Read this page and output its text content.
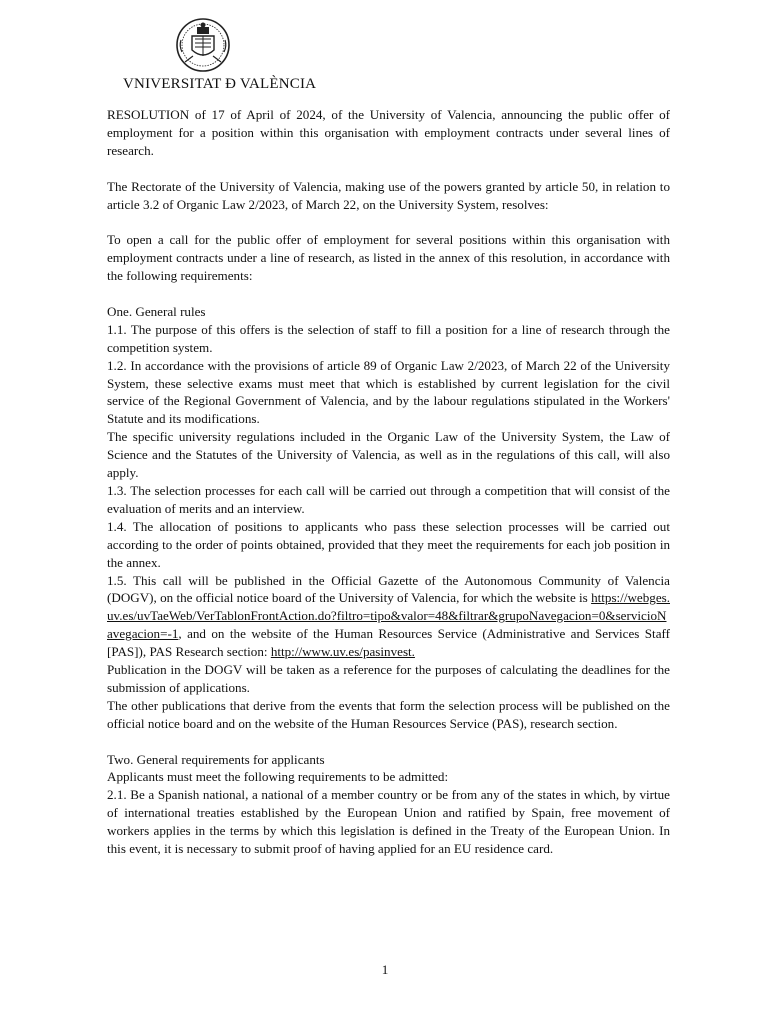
VNIVERSITAT Ð VALÈNCIA

RESOLUTION of 17 of April of 2024, of the University of Valencia, announcing the public offer of employment for a position within this organisation with employment contracts under several lines of research.

The Rectorate of the University of Valencia, making use of the powers granted by article 50, in relation to article 3.2 of Organic Law 2/2023, of March 22, on the University System, resolves:

To open a call for the public offer of employment for several positions within this organisation with employment contracts under a line of research, as listed in the annex of this resolution, in accordance with the following requirements:

One. General rules

1.1. The purpose of this offers is the selection of staff to fill a position for a line of research through the competition system.

1.2. In accordance with the provisions of article 89 of Organic Law 2/2023, of March 22 of the University System, these selective exams must meet that which is established by current legislation for the civil service of the Regional Government of Valencia, and by the labour regulations stipulated in the Workers' Statute and its modifications.

The specific university regulations included in the Organic Law of the University System, the Law of Science and the Statutes of the University of Valencia, as well as in the regulations of this call, will also apply.

1.3. The selection processes for each call will be carried out through a competition that will consist of the evaluation of merits and an interview.

1.4. The allocation of positions to applicants who pass these selection processes will be carried out according to the order of points obtained, provided that they meet the requirements for each job position in the annex.

1.5. This call will be published in the Official Gazette of the Autonomous Community of Valencia (DOGV), on the official notice board of the University of Valencia, for which the website is https://webges.uv.es/uvTaeWeb/VerTablonFrontAction.do?filtro=tipo&valor=48&filtrar&grupoNavegacion=0&servicioNavegacion=-1, and on the website of the Human Resources Service (Administrative and Services Staff [PAS]), PAS Research section: http://www.uv.es/pasinvest.

Publication in the DOGV will be taken as a reference for the purposes of calculating the deadlines for the submission of applications.

The other publications that derive from the events that form the selection process will be published on the official notice board and on the website of the Human Resources Service (PAS), research section.

Two. General requirements for applicants

Applicants must meet the following requirements to be admitted:

2.1. Be a Spanish national, a national of a member country or be from any of the states in which, by virtue of international treaties established by the European Union and ratified by Spain, free movement of workers applies in the terms by which this legislation is defined in the Treaty of the European Union. In this event, it is necessary to submit proof of having applied for an EU residence card.

1
